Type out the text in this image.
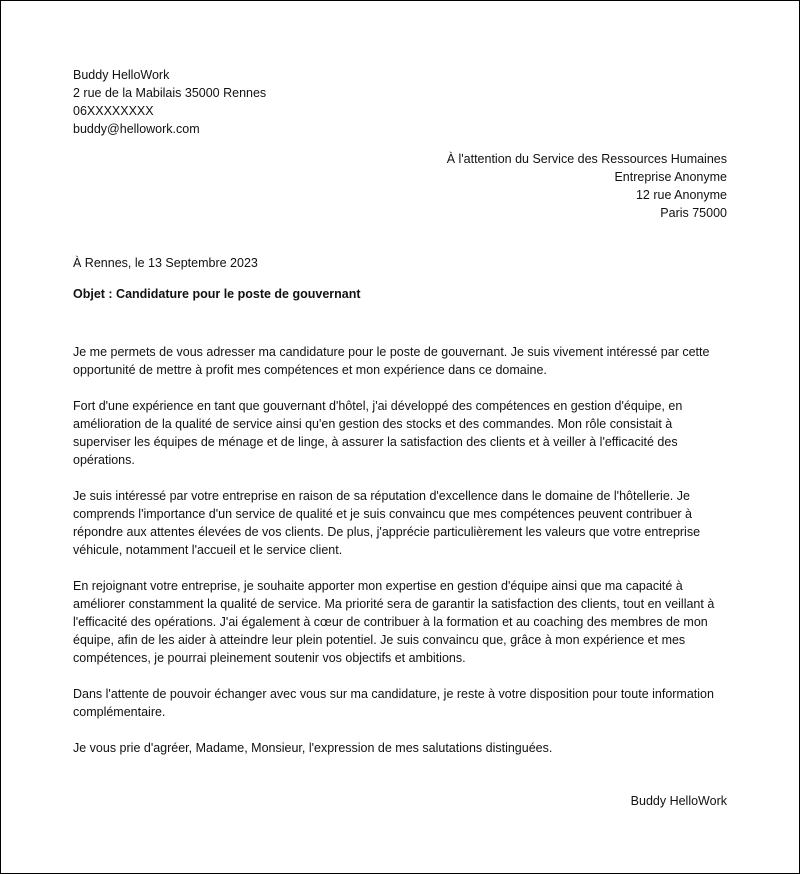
Buddy HelloWork
2 rue de la Mabilais 35000 Rennes
06XXXXXXXX
buddy@hellowork.com
À l'attention du Service des Ressources Humaines
Entreprise Anonyme
12 rue Anonyme
Paris 75000
À Rennes, le 13 Septembre 2023
Objet : Candidature pour le poste de gouvernant

Je me permets de vous adresser ma candidature pour le poste de gouvernant. Je suis vivement intéressé par cette opportunité de mettre à profit mes compétences et mon expérience dans ce domaine.

Fort d'une expérience en tant que gouvernant d'hôtel, j'ai développé des compétences en gestion d'équipe, en amélioration de la qualité de service ainsi qu'en gestion des stocks et des commandes. Mon rôle consistait à superviser les équipes de ménage et de linge, à assurer la satisfaction des clients et à veiller à l'efficacité des opérations.

Je suis intéressé par votre entreprise en raison de sa réputation d'excellence dans le domaine de l'hôtellerie. Je comprends l'importance d'un service de qualité et je suis convaincu que mes compétences peuvent contribuer à répondre aux attentes élevées de vos clients. De plus, j'apprécie particulièrement les valeurs que votre entreprise véhicule, notamment l'accueil et le service client.

En rejoignant votre entreprise, je souhaite apporter mon expertise en gestion d'équipe ainsi que ma capacité à améliorer constamment la qualité de service. Ma priorité sera de garantir la satisfaction des clients, tout en veillant à l'efficacité des opérations. J'ai également à cœur de contribuer à la formation et au coaching des membres de mon équipe, afin de les aider à atteindre leur plein potentiel. Je suis convaincu que, grâce à mon expérience et mes compétences, je pourrai pleinement soutenir vos objectifs et ambitions.

Dans l'attente de pouvoir échanger avec vous sur ma candidature, je reste à votre disposition pour toute information complémentaire.

Je vous prie d'agréer, Madame, Monsieur, l'expression de mes salutations distinguées.

Buddy HelloWork
